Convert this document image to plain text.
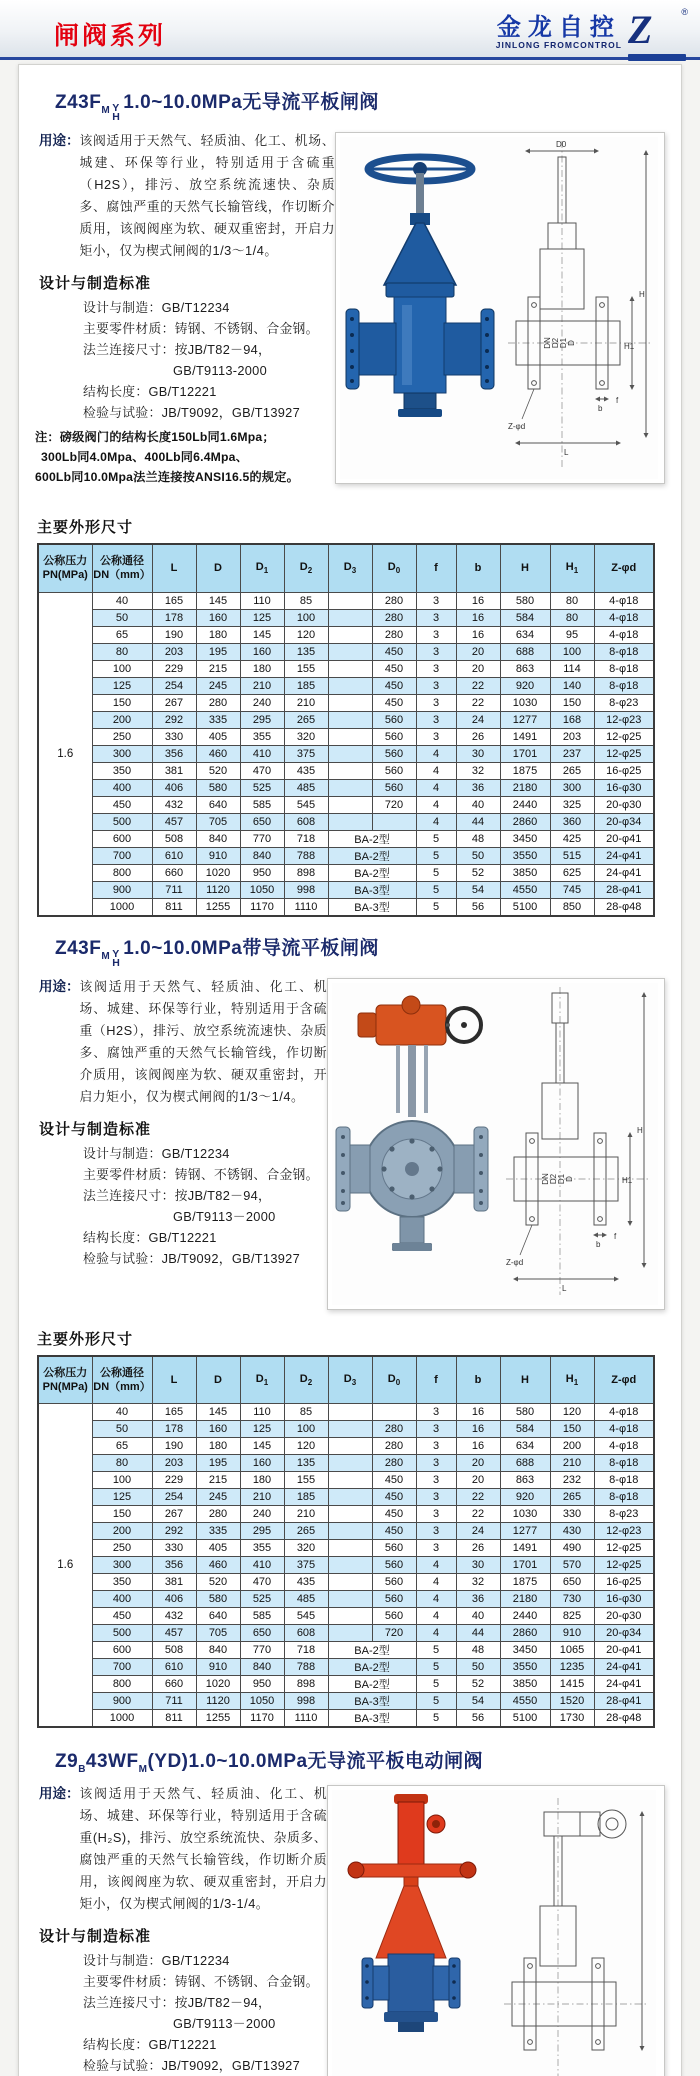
闸阀系列	金龙自控
JINLONG FROMCONTROL Z	®
$Z43F_M$ Y
H
1.0~10.0MPa无导流平板闸阀
用途： 该阀适用于天然气、轻质油、化工、机场、城建、环保等行业，特别适用于含硫重（H2S），排污、放空系统流速快、杂质多、腐蚀严重的天然气长输管线，作切断介质用，该阀阀座为软、硬双重密封，开启力矩小，仅为楔式闸阀的1/3～1/4。

设计与制造标准
设计与制造：GB/T12234
主要零件材质：铸钢、不锈钢、合金钢。
法兰连接尺寸：按JB/T82－94，
GB/T9113-2000
结构长度：GB/T12221
检验与试验：JB/T9092，GB/T13927
注：磅级阀门的结构长度150Lb同1.6Mpa；
300Lb同4.0Mpa、400Lb同6.4Mpa、
600Lb同10.0Mpa法兰连接按ANSI16.5的规定。
D0
H
DN D2 D1 D	H1
Z-φd
b
f
L
主要外形尺寸
公称压力
PN(MPa)

公称通径
DN（mm）
	L	D	$D_1$	$D_2$	$D_3$	$D_0$	f	b	H	$H_1$	Z-φd
1.6	40	165	145	110	85		280	3	16	580	80	4-φ18
	50	178	160	125	100		280	3	16	584	80	4-φ18
	65	190	180	145	120		280	3	16	634	95	4-φ18
	80	203	195	160	135		450	3	20	688	100	8-φ18
	100	229	215	180	155		450	3	20	863	114	8-φ18
	125	254	245	210	185		450	3	22	920	140	8-φ18
	150	267	280	240	210		450	3	22	1030	150	8-φ23
	200	292	335	295	265		560	3	24	1277	168	12-φ23
	250	330	405	355	320		560	3	26	1491	203	12-φ25
	300	356	460	410	375		560	4	30	1701	237	12-φ25
	350	381	520	470	435		560	4	32	1875	265	16-φ25
	400	406	580	525	485		560	4	36	2180	300	16-φ30
	450	432	640	585	545		720	4	40	2440	325	20-φ30
	500	457	705	650	608			4	44	2860	360	20-φ34
	600	508	840	770	718	BA-2型		5	48	3450	425	20-φ41
	700	610	910	840	788	BA-2型		5	50	3550	515	24-φ41
	800	660	1020	950	898	BA-2型		5	52	3850	625	24-φ41
	900	711	1120	1050	998	BA-3型		5	54	4550	745	28-φ41
	1000	811	1255	1170	1110	BA-3型		5	56	5100	850	28-φ48
$Z43F_M$ Y
H
1.0~10.0MPa带导流平板闸阀
用途： 该阀适用于天然气、轻质油、化工、机场、城建、环保等行业，特别适用于含硫重（H2S），排污、放空系统流速快、杂质多、腐蚀严重的天然气长输管线，作切断介质用，该阀阀座为软、硬双重密封，开启力矩小，仅为楔式闸阀的1/3～1/4。

设计与制造标准
设计与制造：GB/T12234
主要零件材质：铸钢、不锈钢、合金钢。
法兰连接尺寸：按JB/T82－94，
GB/T9113－2000
结构长度：GB/T12221
检验与试验：JB/T9092，GB/T13927
H
H1
DN D2 D1 D
Z-φd
b
f
L
主要外形尺寸
公称压力
PN(MPa)

公称通径
DN（mm）
	L	D	$D_1$	$D_2$	$D_3$	$D_0$	f	b	H	$H_1$	Z-φd
1.6	40	165	145	110	85			3	16	580	120	4-φ18
	50	178	160	125	100		280	3	16	584	150	4-φ18
	65	190	180	145	120		280	3	16	634	200	4-φ18
	80	203	195	160	135		280	3	20	688	210	8-φ18
	100	229	215	180	155		450	3	20	863	232	8-φ18
	125	254	245	210	185		450	3	22	920	265	8-φ18
	150	267	280	240	210		450	3	22	1030	330	8-φ23
	200	292	335	295	265		450	3	24	1277	430	12-φ23
	250	330	405	355	320		560	3	26	1491	490	12-φ25
	300	356	460	410	375		560	4	30	1701	570	12-φ25
	350	381	520	470	435		560	4	32	1875	650	16-φ25
	400	406	580	525	485		560	4	36	2180	730	16-φ30
	450	432	640	585	545		560	4	40	2440	825	20-φ30
	500	457	705	650	608		720	4	44	2860	910	20-φ34
	600	508	840	770	718	BA-2型		5	48	3450	1065	20-φ41
	700	610	910	840	788	BA-2型		5	50	3550	1235	24-φ41
	800	660	1020	950	898	BA-2型		5	52	3850	1415	24-φ41
	900	711	1120	1050	998	BA-3型		5	54	4550	1520	28-φ41
	1000	811	1255	1170	1110	BA-3型		5	56	5100	1730	28-φ48
$Z9_B43WF_M(YD)1.0\sim 10.0MPa$无导流平板电动闸阀
用途： 该阀适用于天然气、轻质油、化工、机场、城建、环保等行业，特别适用于含硫重(H₂S)，排污、放空系统流快、杂质多、腐蚀严重的天然气长输管线，作切断介质用，该阀阀座为软、硬双重密封，开启力矩小，仅为楔式闸阀的1/3-1/4。

设计与制造标准
设计与制造：GB/T12234
主要零件材质：铸钢、不锈钢、合金钢。
法兰连接尺寸：按JB/T82－94，
GB/T9113－2000
结构长度：GB/T12221
检验与试验：JB/T9092，GB/T13927
